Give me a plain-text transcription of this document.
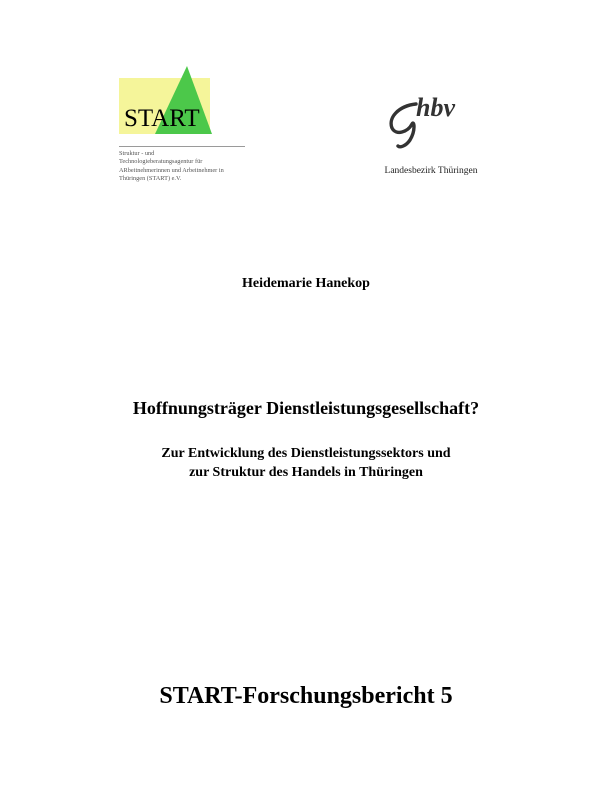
START
Struktur - und
Technologieberatungsagentur für
ARbeitnehmerinnen und Arbeitnehmer in
Thüringen (START) e.V.
hbv
Landesbezirk Thüringen
Heidemarie Hanekop
Hoffnungsträger Dienstleistungsgesellschaft?
Zur Entwicklung des Dienstleistungssektors und
zur Struktur des Handels in Thüringen
START-Forschungsbericht 5
